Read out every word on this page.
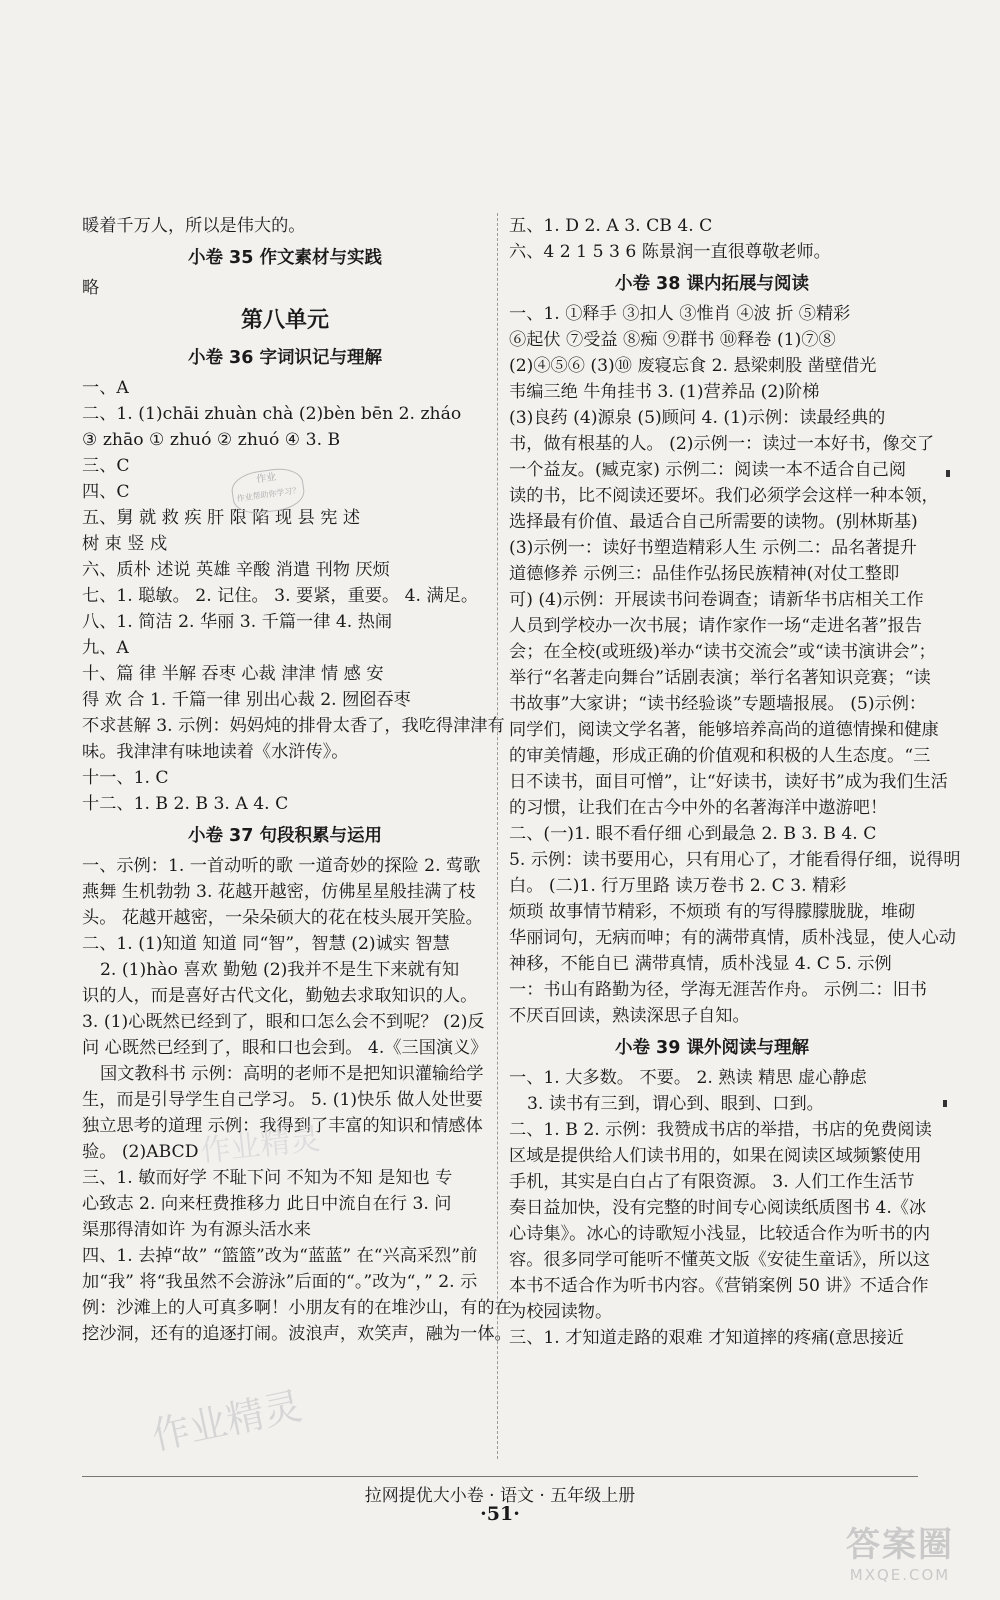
暖着千万人，所以是伟大的。
小卷 35 作文素材与实践
略
第八单元
小卷 36 字词识记与理解
一、A
二、1. (1)chāi zhuàn chà (2)bèn bēn 2. zháo
③ zhāo ① zhuó ② zhuó ④ 3. B
三、C
四、C
五、舅 就 救 疾 肝 限 陷 现 县 宪 述
树 束 竖 戍
六、质朴 述说 英雄 辛酸 消遣 刊物 厌烦
七、1. 聪敏。 2. 记住。 3. 要紧，重要。 4. 满足。
八、1. 简洁 2. 华丽 3. 千篇一律 4. 热闹
九、A
十、篇 律 半解 吞枣 心裁 津津 情 感 安
得 欢 合 1. 千篇一律 别出心裁 2. 囫囵吞枣
不求甚解 3. 示例：妈妈炖的排骨太香了，我吃得津津有
味。我津津有味地读着《水浒传》。
十一、1. C
十二、1. B 2. B 3. A 4. C
小卷 37 句段积累与运用
一、示例：1. 一首动听的歌 一道奇妙的探险 2. 莺歌
燕舞 生机勃勃 3. 花越开越密，仿佛星星般挂满了枝
头。 花越开越密，一朵朵硕大的花在枝头展开笑脸。
二、1. (1)知道 知道 同“智”，智慧 (2)诚实 智慧
2. (1)hào 喜欢 勤勉 (2)我并不是生下来就有知
识的人，而是喜好古代文化，勤勉去求取知识的人。
3. (1)心既然已经到了，眼和口怎么会不到呢？ (2)反
问 心既然已经到了，眼和口也会到。 4.《三国演义》
国文教科书 示例：高明的老师不是把知识灌输给学
生，而是引导学生自己学习。 5. (1)快乐 做人处世要
独立思考的道理 示例：我得到了丰富的知识和情感体
验。 (2)ABCD
三、1. 敏而好学 不耻下问 不知为不知 是知也 专
心致志 2. 向来枉费推移力 此日中流自在行 3. 问
渠那得清如许 为有源头活水来
四、1. 去掉“故” “篮篮”改为“蓝蓝” 在“兴高采烈”前
加“我” 将“我虽然不会游泳”后面的“。”改为“，” 2. 示
例：沙滩上的人可真多啊！小朋友有的在堆沙山，有的在
挖沙洞，还有的追逐打闹。波浪声，欢笑声，融为一体。
五、1. D 2. A 3. CB 4. C
六、4 2 1 5 3 6 陈景润一直很尊敬老师。
小卷 38 课内拓展与阅读
一、1. ①释手 ③扣人 ③惟肖 ④波 折 ⑤精彩
⑥起伏 ⑦受益 ⑧痴 ⑨群书 ⑩释卷 (1)⑦⑧
(2)④⑤⑥ (3)⑩ 废寝忘食 2. 悬梁刺股 凿壁借光
韦编三绝 牛角挂书 3. (1)营养品 (2)阶梯
(3)良药 (4)源泉 (5)顾问 4. (1)示例：读最经典的
书，做有根基的人。 (2)示例一：读过一本好书，像交了
一个益友。(臧克家) 示例二：阅读一本不适合自己阅
读的书，比不阅读还要坏。我们必须学会这样一种本领，
选择最有价值、最适合自己所需要的读物。(别林斯基)
(3)示例一：读好书塑造精彩人生 示例二：品名著提升
道德修养 示例三：品佳作弘扬民族精神(对仗工整即
可) (4)示例：开展读书问卷调查；请新华书店相关工作
人员到学校办一次书展；请作家作一场“走进名著”报告
会；在全校(或班级)举办“读书交流会”或“读书演讲会”；
举行“名著走向舞台”话剧表演；举行名著知识竞赛；“读
书故事”大家讲；“读书经验谈”专题墙报展。 (5)示例：
同学们，阅读文学名著，能够培养高尚的道德情操和健康
的审美情趣，形成正确的价值观和积极的人生态度。“三
日不读书，面目可憎”，让“好读书，读好书”成为我们生活
的习惯，让我们在古今中外的名著海洋中遨游吧！
二、(一)1. 眼不看仔细 心到最急 2. B 3. B 4. C
5. 示例：读书要用心，只有用心了，才能看得仔细，说得明
白。 (二)1. 行万里路 读万卷书 2. C 3. 精彩
烦琐 故事情节精彩，不烦琐 有的写得朦朦胧胧，堆砌
华丽词句，无病而呻；有的满带真情，质朴浅显，使人心动
神移，不能自已 满带真情，质朴浅显 4. C 5. 示例
一：书山有路勤为径，学海无涯苦作舟。 示例二：旧书
不厌百回读，熟读深思子自知。
小卷 39 课外阅读与理解
一、1. 大多数。 不要。 2. 熟读 精思 虚心静虑
3. 读书有三到，谓心到、眼到、口到。
二、1. B 2. 示例：我赞成书店的举措，书店的免费阅读
区域是提供给人们读书用的，如果在阅读区域频繁使用
手机，其实是白白占了有限资源。 3. 人们工作生活节
奏日益加快，没有完整的时间专心阅读纸质图书 4.《冰
心诗集》。冰心的诗歌短小浅显，比较适合作为听书的内
容。很多同学可能听不懂英文版《安徒生童话》，所以这
本书不适合作为听书内容。《营销案例 50 讲》不适合作
为校园读物。
三、1. 才知道走路的艰难 才知道摔的疼痛(意思接近
作业
作业帮助你学习？
作业精灵
作业精灵
拉网提优大小卷 · 语文 · 五年级上册
·51·
答案圈
MXQE.COM
